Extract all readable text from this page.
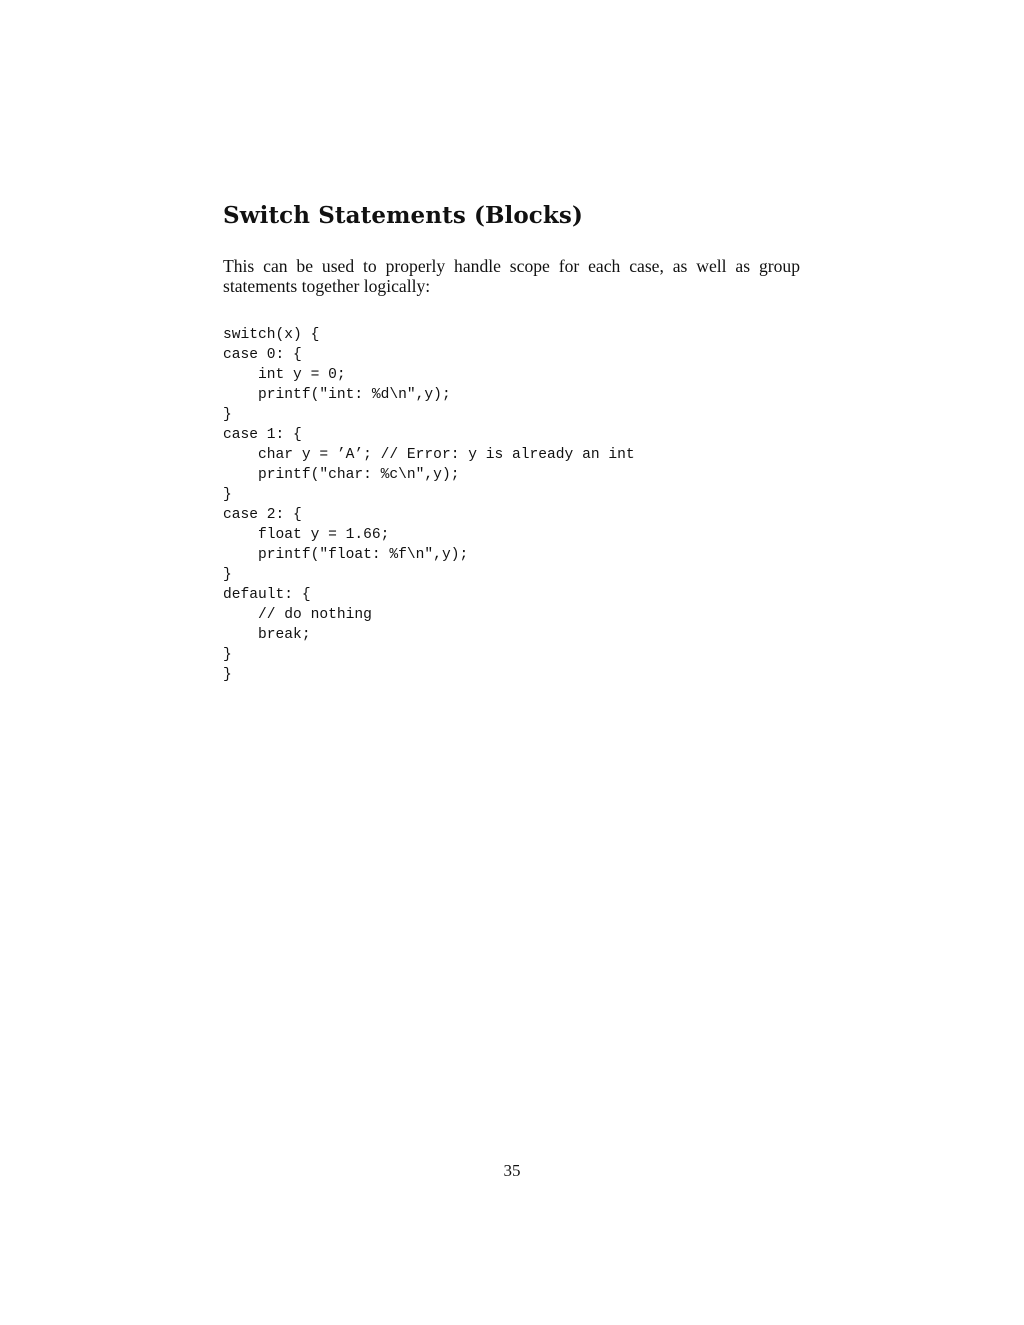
Switch Statements (Blocks)

This can be used to properly handle scope for each case, as well as group statements together logically:

switch(x) {
case 0: {
int y = 0;
printf("int: %d\n",y);
}
case 1: {
char y = ’A’; // Error: y is already an int
printf("char: %c\n",y);
}
case 2: {
float y = 1.66;
printf("float: %f\n",y);
}
default: {
// do nothing
break;
}
}
35
